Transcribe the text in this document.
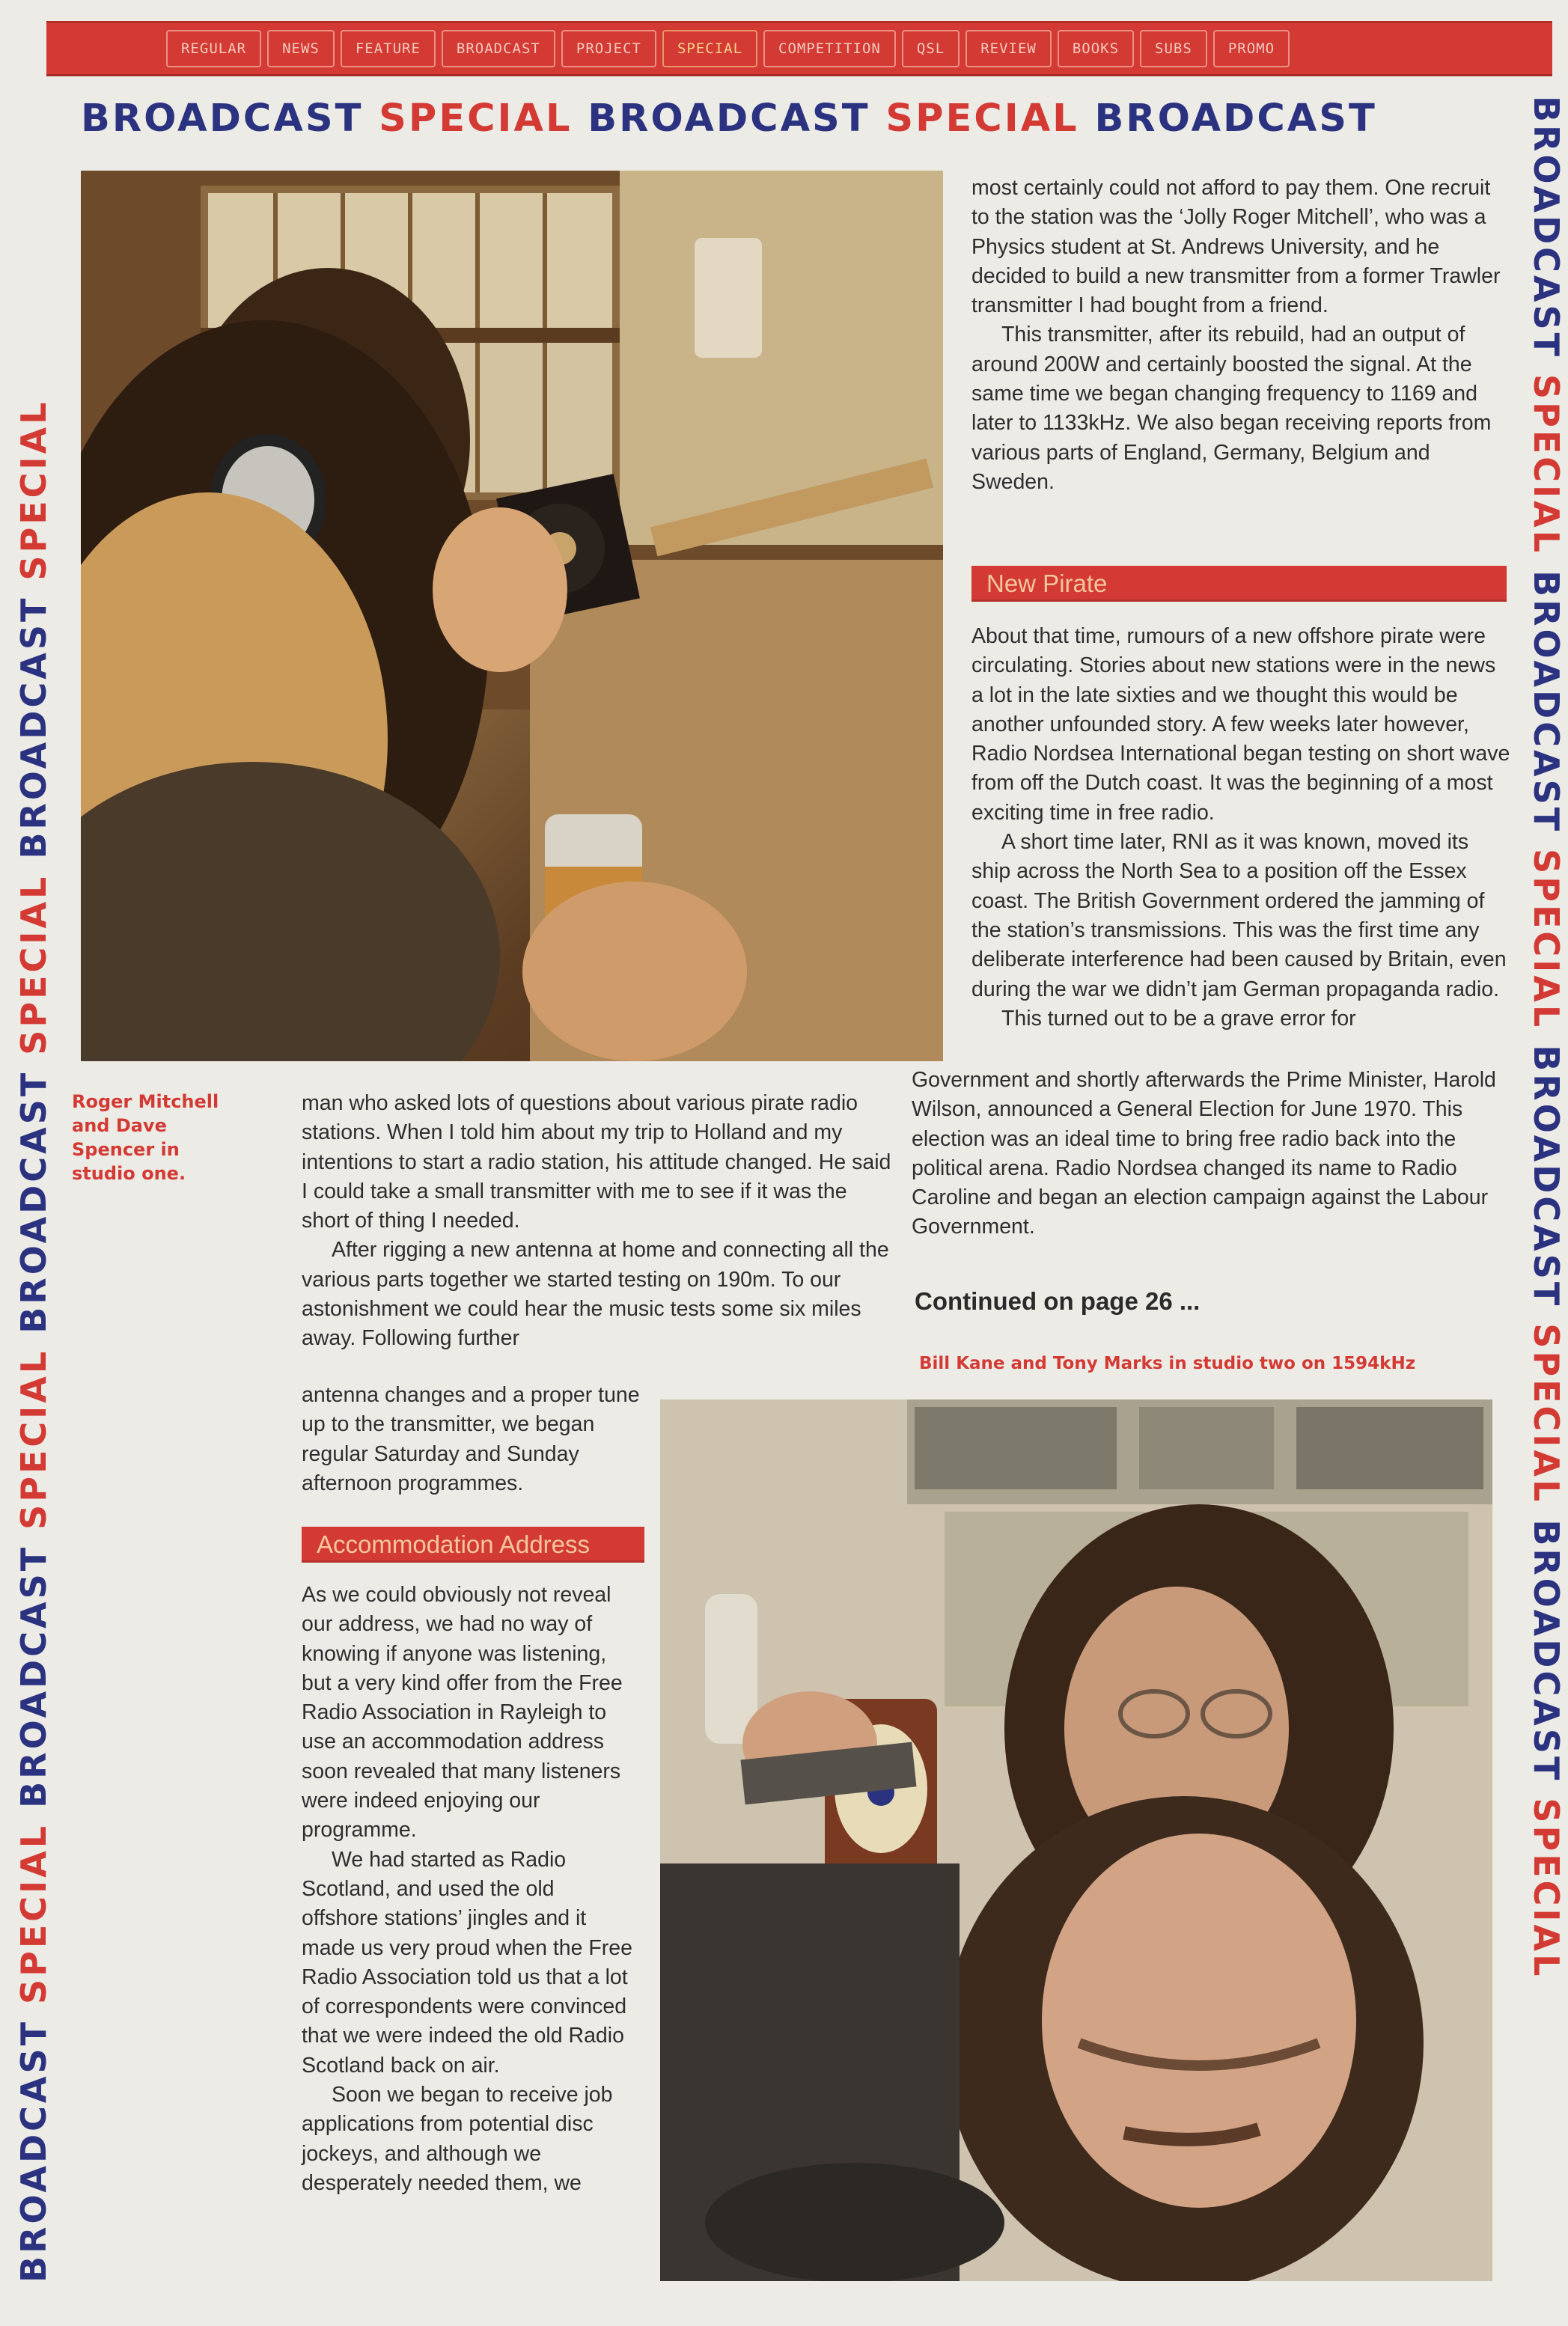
REGULAR	NEWS	FEATURE	BROADCAST	PROJECT	SPECIAL	COMPETITION	QSL	REVIEW	BOOKS	SUBS	PROMO
BROADCAST SPECIAL BROADCAST SPECIAL BROADCAST
BROADCAST SPECIAL BROADCAST SPECIAL BROADCAST SPECIAL BROADCAST SPECIAL
BROADCAST SPECIAL BROADCAST SPECIAL BROADCAST SPECIAL BROADCAST SPECIAL
Roger Mitchell and Dave Spencer in studio one.

most certainly could not afford to pay them. One recruit to the station was the ‘Jolly Roger Mitchell’, who was a Physics student at St. Andrews University, and he decided to build a new transmitter from a former Trawler transmitter I had bought from a friend.

This transmitter, after its rebuild, had an output of around 200W and certainly boosted the signal. At the same time we began changing frequency to 1169 and later to 1133kHz. We also began receiving reports from various parts of England, Germany, Belgium and Sweden.

New Pirate

About that time, rumours of a new offshore pirate were circulating. Stories about new stations were in the news a lot in the late sixties and we thought this would be another unfounded story. A few weeks later however, Radio Nordsea International began testing on short wave from off the Dutch coast. It was the beginning of a most exciting time in free radio.

A short time later, RNI as it was known, moved its ship across the North Sea to a position off the Essex coast. The British Government ordered the jamming of the station’s transmissions. This was the first time any deliberate interference had been caused by Britain, even during the war we didn’t jam German propaganda radio.

This turned out to be a grave error for

Government and shortly afterwards the Prime Minister, Harold Wilson, announced a General Election for June 1970. This election was an ideal time to bring free radio back into the political arena. Radio Nordsea changed its name to Radio Caroline and began an election campaign against the Labour Government.

Continued on page 26 ...

man who asked lots of questions about various pirate radio stations. When I told him about my trip to Holland and my intentions to start a radio station, his attitude changed. He said I could take a small transmitter with me to see if it was the short of thing I needed.

After rigging a new antenna at home and connecting all the various parts together we started testing on 190m. To our astonishment we could hear the music tests some six miles away. Following further

antenna changes and a proper tune up to the transmitter, we began regular Saturday and Sunday afternoon programmes.

Bill Kane and Tony Marks in studio two on 1594kHz
Accommodation Address

As we could obviously not reveal our address, we had no way of knowing if anyone was listening, but a very kind offer from the Free Radio Association in Rayleigh to use an accommodation address soon revealed that many listeners were indeed enjoying our programme.

We had started as Radio Scotland, and used the old offshore stations’ jingles and it made us very proud when the Free Radio Association told us that a lot of correspondents were convinced that we were indeed the old Radio Scotland back on air.

Soon we began to receive job applications from potential disc jockeys, and although we desperately needed them, we
